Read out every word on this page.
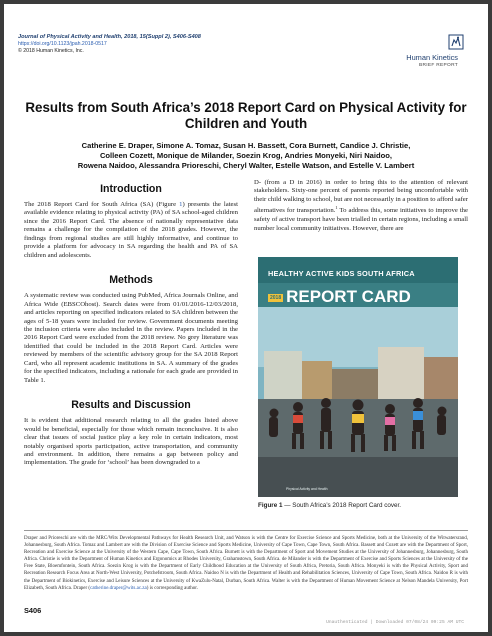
Journal of Physical Activity and Health, 2018, 15(Suppl 2), S406-S408
https://doi.org/10.1123/jpah.2018-0517
© 2018 Human Kinetics, Inc.
Human Kinetics
BRIEF REPORT
Results from South Africa’s 2018 Report Card on Physical Activity for Children and Youth
Catherine E. Draper, Simone A. Tomaz, Susan H. Bassett, Cora Burnett, Candice J. Christie,
Colleen Cozett, Monique de Milander, Soezin Krog, Andries Monyeki, Niri Naidoo,
Rowena Naidoo, Alessandra Prioreschi, Cheryl Walter, Estelle Watson, and Estelle V. Lambert
Introduction

The 2018 Report Card for South Africa (SA) (Figure 1) presents the latest available evidence relating to physical activity (PA) of SA school-aged children since the 2016 Report Card. The absence of nationally representative data remains a challenge for the compilation of the 2018 grades. However, the findings from regional studies are still highly informative, and continue to provide a platform for advocacy in SA regarding the health and PA of SA children and adolescents.

Methods

A systematic review was conducted using PubMed, Africa Journals Online, and Africa Wide (EBSCOhost). Search dates were from 01/01/2016-12/03/2018, and articles reporting on specified indicators related to SA children between the ages of 5-18 years were included for review. Government documents meeting the inclusion criteria were also included in the review. Papers included in the 2016 Report Card were excluded from the 2018 review. No grey literature was identified that could be included in the 2018 Report Card. Articles were reviewed by members of the scientific advisory group for the SA 2018 Report Card, who all represent academic institutions in SA. A summary of the grades for the specified indicators, including a rationale for each grade are provided in Table 1.

Results and Discussion

It is evident that additional research relating to all the grades listed above would be beneficial, especially for those which remain inconclusive. It is also clear that issues of social justice play a key role in certain indicators, most notably organised sports participation, active transportation, and community and environment. In addition, there remains a gap between policy and implementation. The grade for ‘school’ has been downgraded to a

D- (from a D in 2016) in order to bring this to the attention of relevant stakeholders. Sixty-one percent of parents reported being uncomfortable with their child walking to school, but are not necessarily in a position to afford safer alternatives for transportation.$^1$ To address this, some initiatives to improve the safety of active transport have been trialled in certain regions, including a small number local community initiatives. However, there are

HEALTHY ACTIVE KIDS SOUTH AFRICA
2018 REPORT CARD
Physical Activity and Health
Figure 1 — South Africa’s 2018 Report Card cover.
Draper and Prioreschi are with the MRC/Wits Developmental Pathways for Health Research Unit, and Watson is with the Centre for Exercise Science and Sports Medicine, both at the University of the Witwatersrand, Johannesburg, South Africa. Tomaz and Lambert are with the Division of Exercise Science and Sports Medicine, University of Cape Town, Cape Town, South Africa. Bassett and Cozett are with the Department of Sport, Recreation and Exercise Science at the University of the Western Cape, Cape Town, South Africa. Burnett is with the Department of Sport and Movement Studies at the University of Johannesburg, Johannesburg, South Africa. Christie is with the Department of Human Kinetics and Ergonomics at Rhodes University, Grahamstown, South Africa. de Milander is with the Department of Exercise and Sports Sciences at the University of the Free State, Bloemfontein, South Africa. Soezin Krog is with the Department of Early Childhood Education at the University of South Africa, Pretoria, South Africa. Monyeki is with the Physical Activity, Sport and Recreation Research Focus Area at North-West University, Potchefstroom, South Africa. Naidoo N is with the Department of Health and Rehabilitation Sciences, University of Cape Town, South Africa. Naidoo R is with the Department of Biokinetics, Exercise and Leisure Sciences at the University of KwaZulu-Natal, Durban, South Africa. Walter is with the Department of Human Movement Science at Nelson Mandela University, Port Elizabeth, South Africa. Draper (catherine.draper@wits.ac.za) is corresponding author.
S406
Unauthenticated | Downloaded 07/08/24 09:25 AM UTC
